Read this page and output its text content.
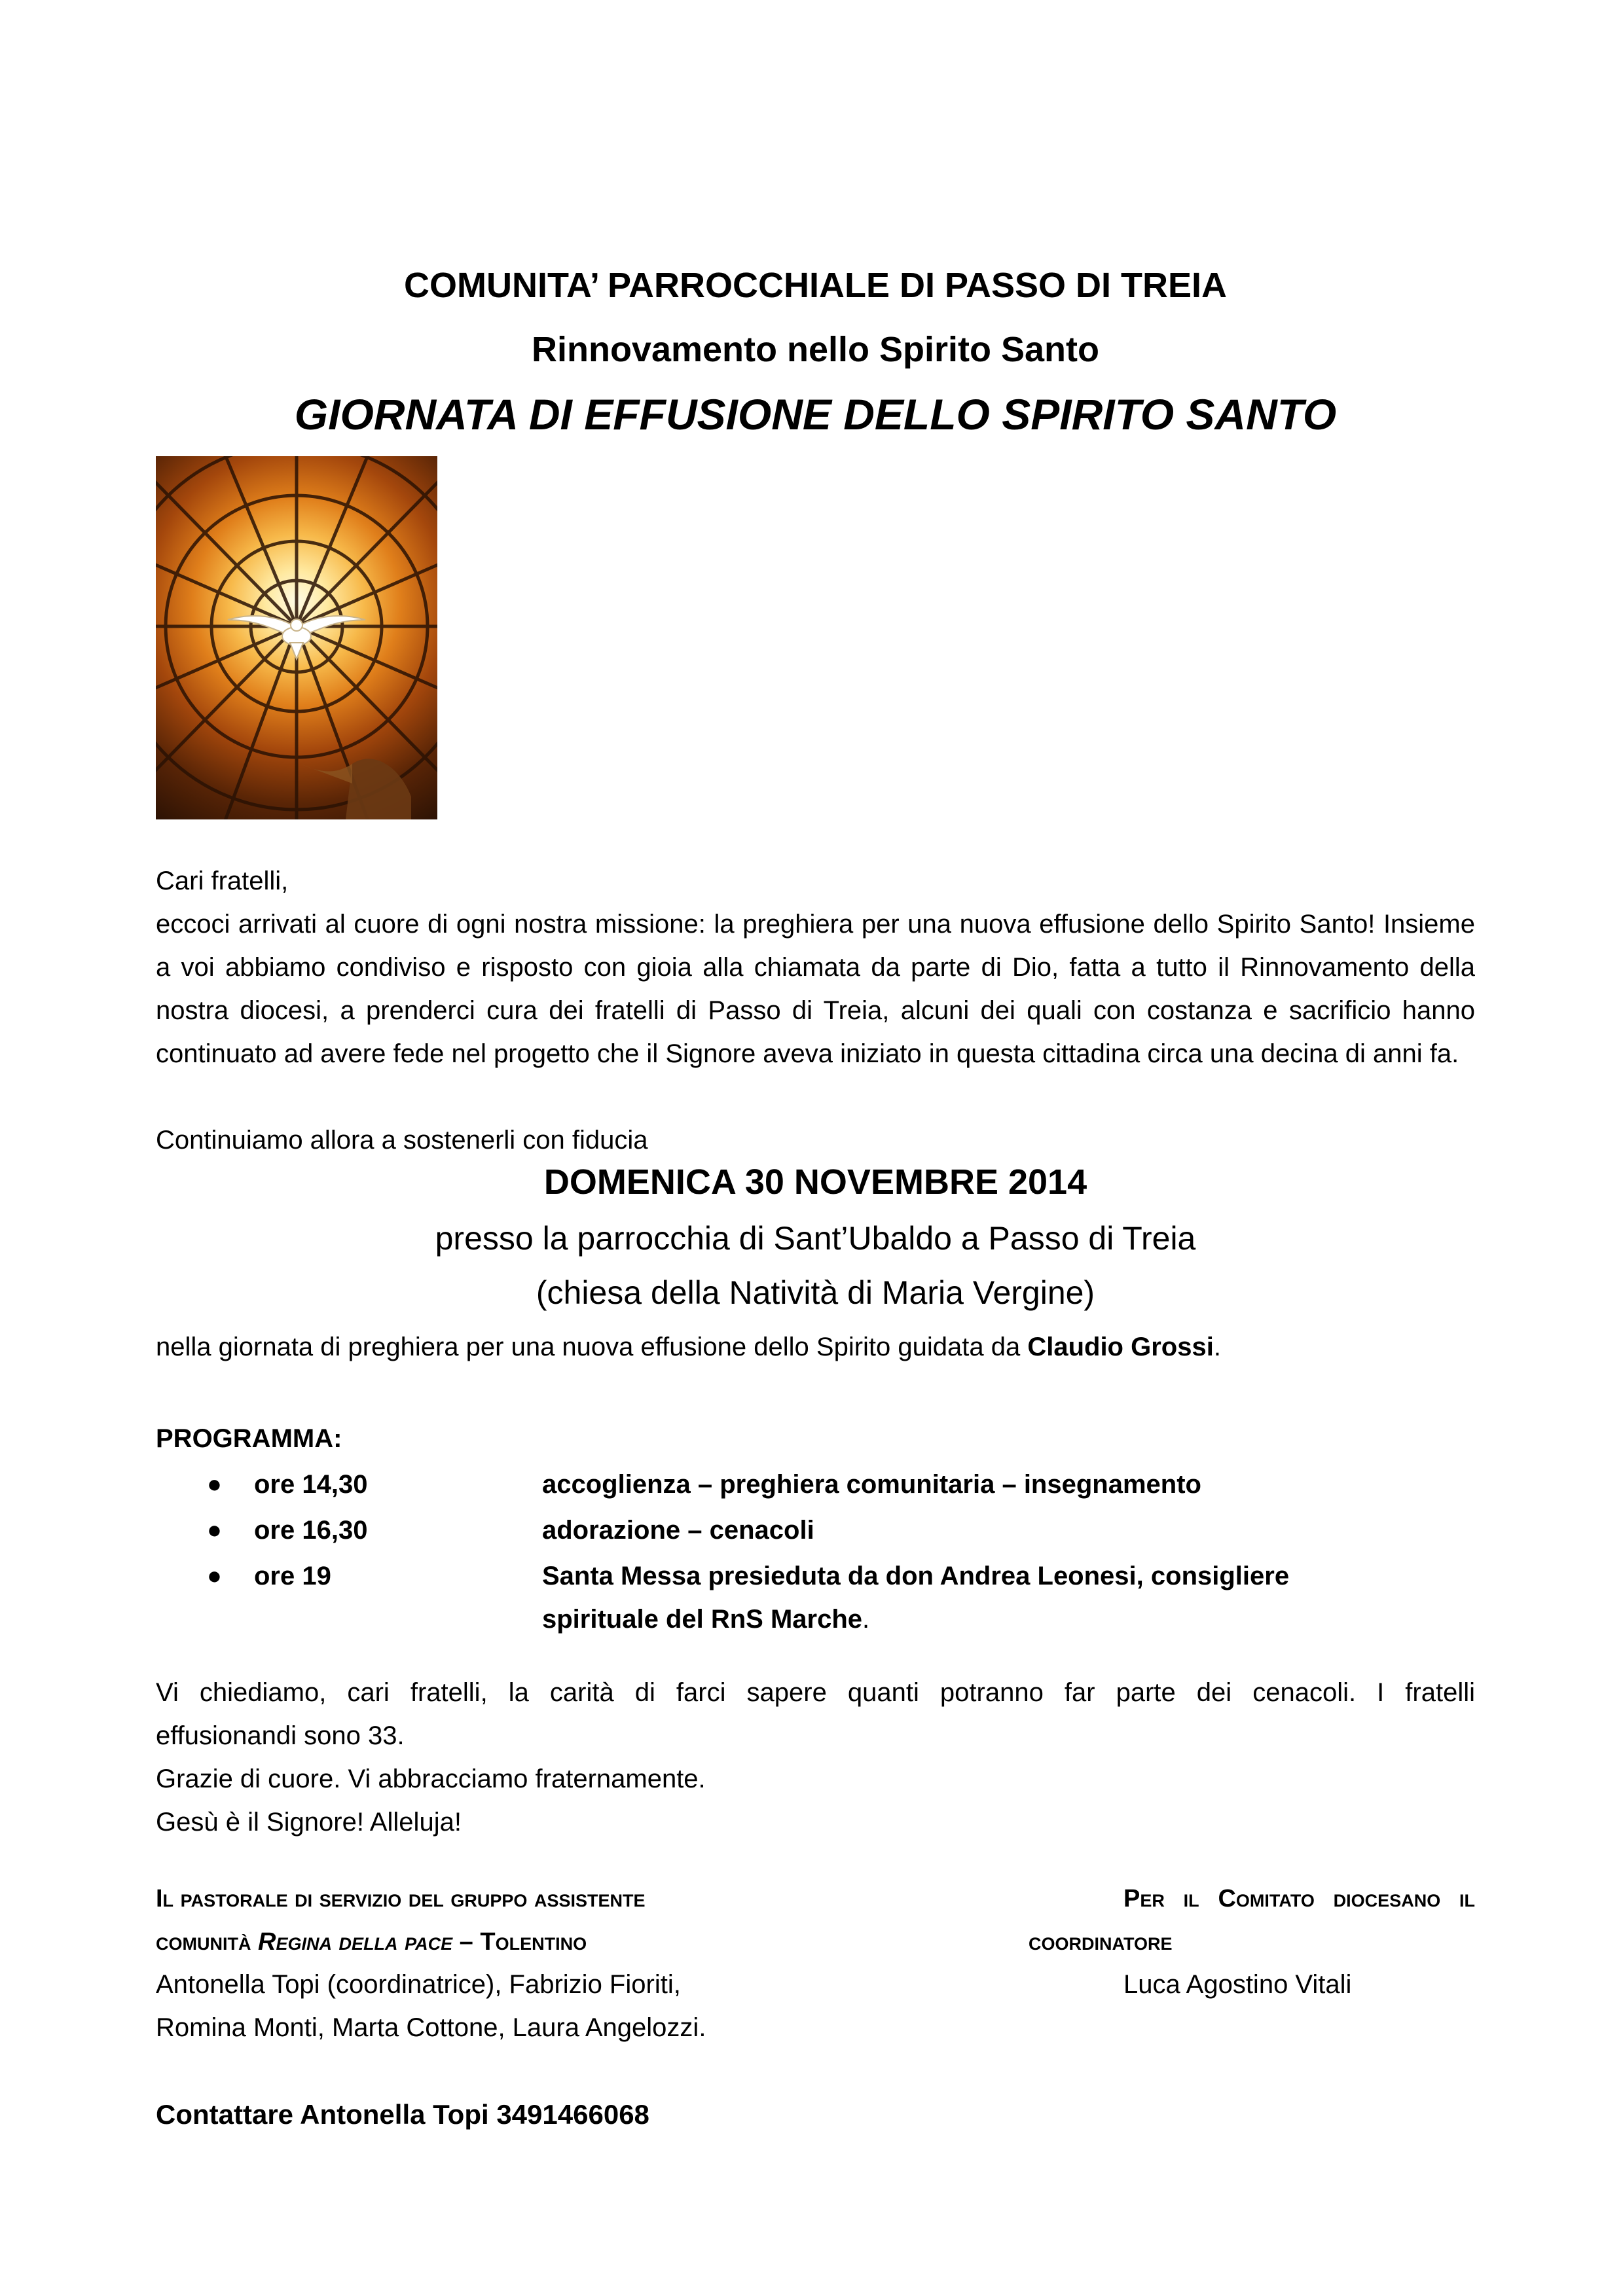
COMUNITA’ PARROCCHIALE DI PASSO DI TREIA
Rinnovamento nello Spirito Santo
GIORNATA DI EFFUSIONE DELLO SPIRITO SANTO
Cari fratelli,
eccoci arrivati al cuore di ogni nostra missione: la preghiera per una nuova effusione dello Spirito Santo! Insieme a voi abbiamo condiviso e risposto con gioia alla chiamata da parte di Dio, fatta a tutto il Rinnovamento della nostra diocesi, a prenderci cura dei fratelli di Passo di Treia, alcuni dei quali con costanza e sacrificio hanno continuato ad avere fede nel progetto che il Signore aveva iniziato in questa cittadina circa una decina di anni fa.
Continuiamo allora a sostenerli con fiducia
DOMENICA 30 NOVEMBRE 2014
presso la parrocchia di Sant’Ubaldo a Passo di Treia
(chiesa della Natività di Maria Vergine)
nella giornata di preghiera per una nuova effusione dello Spirito guidata da Claudio Grossi.
PROGRAMMA:
● ore 14,30	accoglienza – preghiera comunitaria – insegnamento
● ore 16,30	adorazione – cenacoli
● ore 19	Santa Messa presieduta da don Andrea Leonesi, consigliere
spirituale del RnS Marche.
Vi chiediamo, cari fratelli, la carità di farci sapere quanti potranno far parte dei cenacoli. I fratelli
effusionandi sono 33.
Grazie di cuore. Vi abbracciamo fraternamente.
Gesù è il Signore! Alleluja!
Il pastorale di servizio del gruppo assistente
comunità Regina della pace – Tolentino
Antonella Topi (coordinatrice), Fabrizio Fioriti,
Romina Monti, Marta Cottone, Laura Angelozzi.
Per il Comitato diocesano il
coordinatore
Luca Agostino Vitali
Contattare Antonella Topi 3491466068
